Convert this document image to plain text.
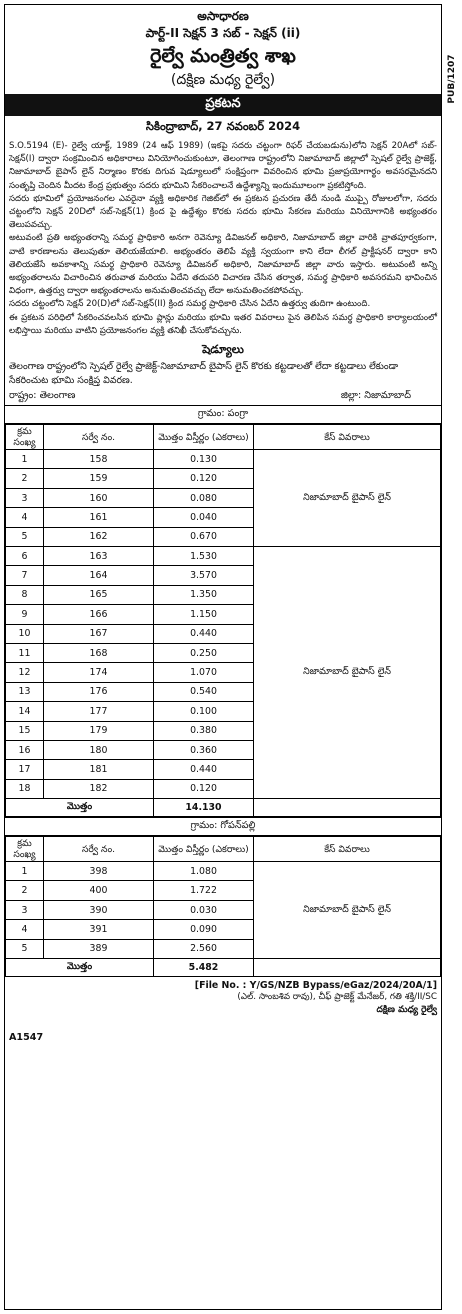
PUB/1207
అసాధారణ
పార్ట్-II సెక్షన్ 3 సబ్ - సెక్షన్ (ii)
రైల్వే మంత్రిత్వ శాఖ
(దక్షిణ మధ్య రైల్వే)
ప్రకటన
సికింద్రాబాద్, 27 నవంబర్ 2024

S.O.5194 (E)- రైల్వే యాక్ట్, 1989 (24 ఆఫ్ 1989) (ఇకపై సదరు చట్టంగా రిఫర్ చేయబడును)లోని సెక్షన్ 20Aలో సబ్-సెక్షన్(I) ద్వారా సంక్రమించిన అధికారాలు వినియోగించుకుంటూ, తెలంగాణ రాష్ట్రంలోని నిజామాబాద్ జిల్లాలో స్పెషల్ రైల్వే ప్రాజెక్ట్, నిజామాబాద్ బైపాస్ లైన్ నిర్మాణం కొరకు దిగువ షెడ్యూలులో సంక్షిప్తంగా వివరించిన భూమి ప్రజాప్రయోగార్థం అవసరమైనదని సంతృప్తి చెందిన మీదట కేంద్ర ప్రభుత్వం సదరు భూమిని సేకరించాలనే ఉద్దేశ్యాన్ని ఇందుమూలంగా ప్రకటిస్తోంది.

సదరు భూమిలో ప్రయోజనంగల ఎవరైనా వ్యక్తి అధికారిక గెజిట్‌లో ఈ ప్రకటన ప్రచురణ తేదీ నుండి ముప్పై రోజులలోగా, సదరు చట్టంలోని సెక్షన్ 20Dలో సబ్-సెక్షన్(1) క్రింద పై ఉద్దేశ్యం కొరకు సదరు భూమి సేకరణ మరియు వినియోగానికి అభ్యంతరం తెలుపవచ్చు.

అటువంటి ప్రతి అభ్యంతరాన్ని సమర్థ ప్రాధికారి అనగా రెవెన్యూ డివిజనల్ అధికారి, నిజామాబాద్ జిల్లా వారికి వ్రాతపూర్వకంగా, వాటి కారణాలను తెలుపుతూ తెలియజేయాలి. అభ్యంతరం తెలిపే వ్యక్తి స్వయంగా కాని లేదా లీగల్ ప్రాక్టీషనర్ ద్వారా కాని తెలియజేసే అవకాశాన్ని సమర్థ ప్రాధికారి రెవెన్యూ డివిజనల్ అధికారి, నిజామాబాద్ జిల్లా వారు ఇస్తారు. అటువంటి అన్ని అభ్యంతరాలను విచారించిన తరువాత మరియు ఏదేని తదుపరి విచారణ చేసిన తర్వాత, సమర్థ ప్రాధికారి అవసరమని భావించిన విధంగా, ఉత్తర్వు ద్వారా అభ్యంతరాలను అనుమతించవచ్చు లేదా అనుమతించకపోవచ్చు.

సదరు చట్టంలోని సెక్షన్ 20(D)లో సబ్-సెక్షన్(II) క్రింద సమర్థ ప్రాధికారి చేసిన ఏదేని ఉత్తర్వు తుదిగా ఉంటుంది.

ఈ ప్రకటన పరిధిలో సేకరించవలసిన భూమి ప్లాన్లు మరియు భూమి ఇతర వివరాలు పైన తెలిపిన సమర్థ ప్రాధికారి కార్యాలయంలో లభిస్తాయి మరియు వాటిని ప్రయోజనంగల వ్యక్తి తనిఖీ చేసుకోవచ్చును.

షెడ్యూలు
తెలంగాణ రాష్ట్రంలోని స్పెషల్ రైల్వే ప్రాజెక్ట్-నిజామాబాద్ బైపాస్ లైన్ కొరకు కట్టడాలతో లేదా కట్టడాలు లేకుండా సేకరించుట భూమి సంక్షిప్త వివరణ.
రాష్ట్రం: తెలంగాణ	జిల్లా: నిజామాబాద్
గ్రామం: పంగ్రా
క్రమ సంఖ్య	సర్వే నం.	మొత్తం విస్తీర్ణం (ఎకరాలు)	కేస్ వివరాలు
1	158	0.130	నిజామాబాద్ బైపాస్ లైన్
2	159	0.120	
3	160	0.080	
4	161	0.040	
5	162	0.670	
6	163	1.530	నిజామాబాద్ బైపాస్ లైన్
7	164	3.570	
8	165	1.350	
9	166	1.150	
10	167	0.440	
11	168	0.250	
12	174	1.070	
13	176	0.540	
14	177	0.100	
15	179	0.380	
16	180	0.360	
17	181	0.440	
18	182	0.120	
మొత్తం		14.130	
గ్రామం: గోపన్‌పల్లి
క్రమ సంఖ్య	సర్వే నం.	మొత్తం విస్తీర్ణం (ఎకరాలు)	కేస్ వివరాలు
1	398	1.080	నిజామాబాద్ బైపాస్ లైన్
2	400	1.722	
3	390	0.030	
4	391	0.090	
5	389	2.560	
మొత్తం		5.482	
[File No. : Y/GS/NZB Bypass/eGaz/2024/20A/1]
(ఎల్. సాంబశివ రావు), చీఫ్ ప్రాజెక్ట్ మేనేజర్, గతి శక్తి/II/SC
దక్షిణ మధ్య రైల్వే
A1547
